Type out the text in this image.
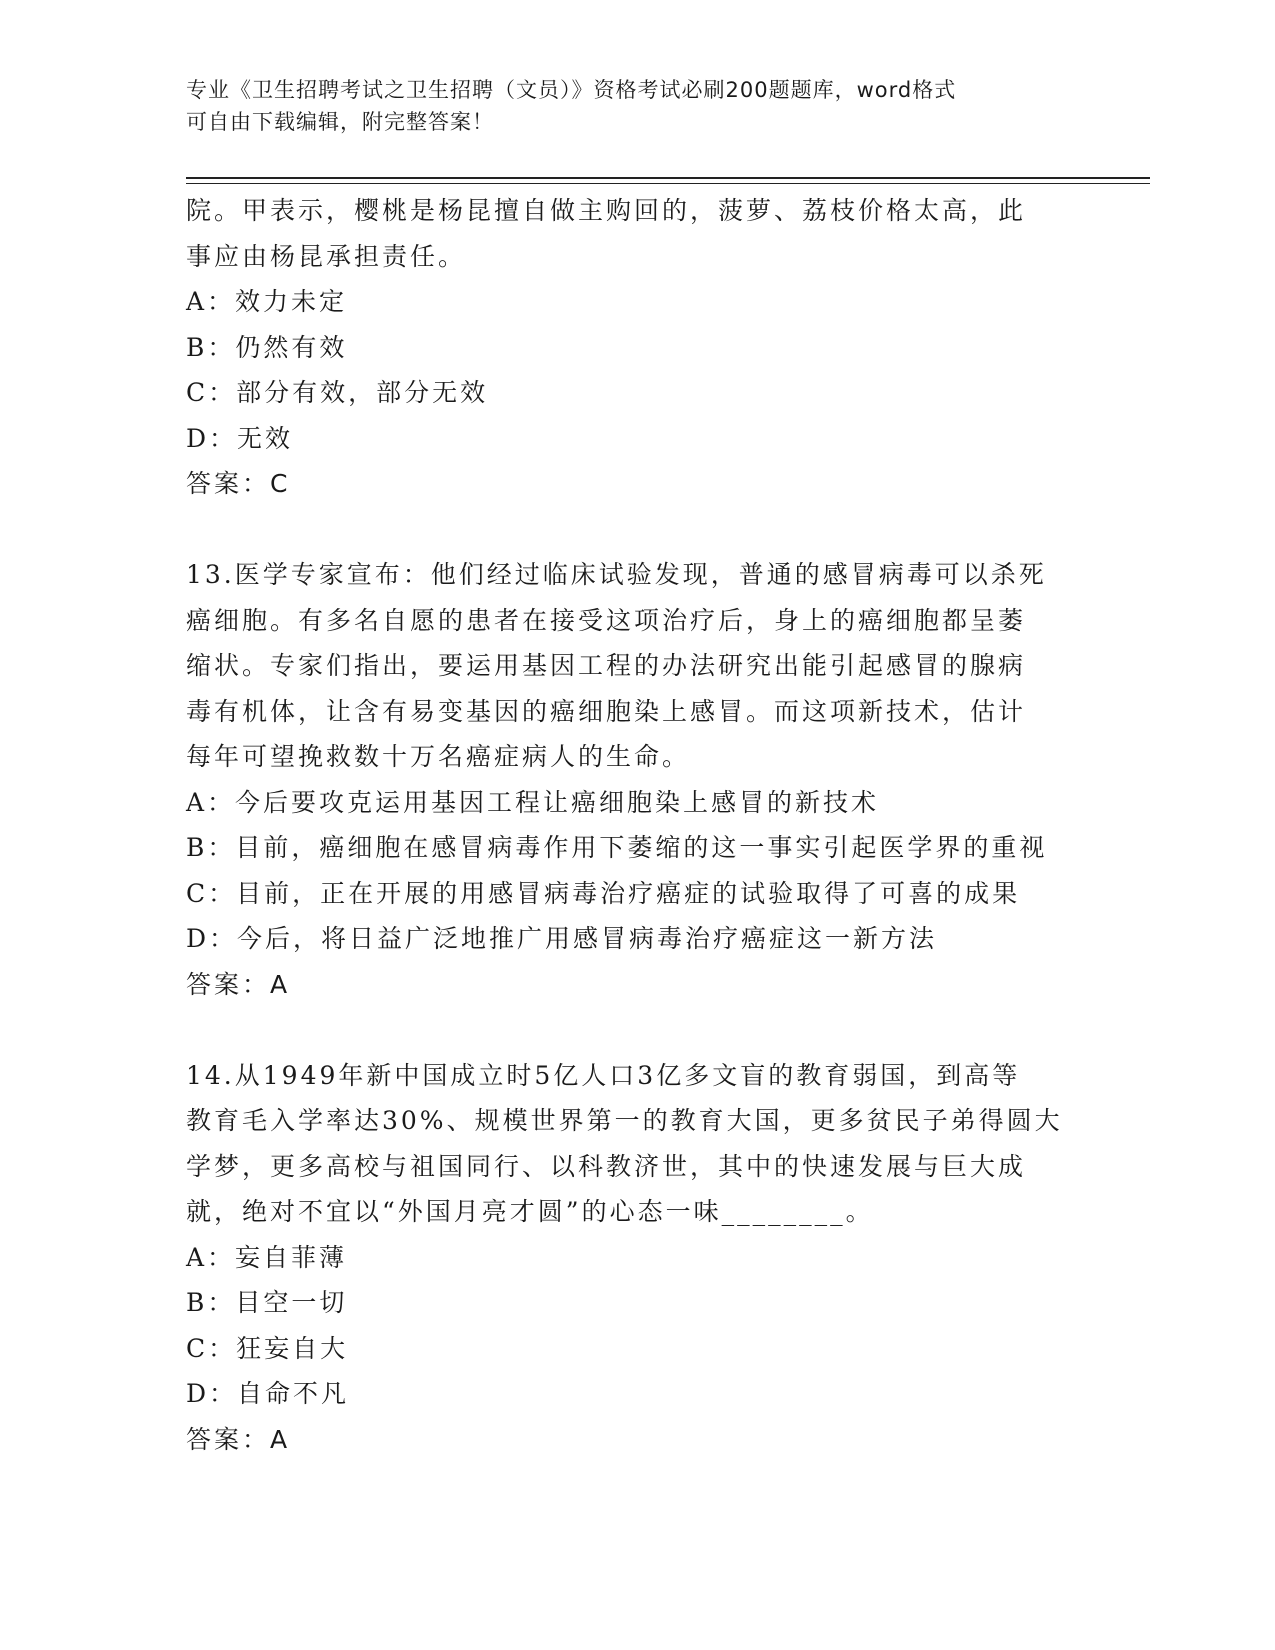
专业《卫生招聘考试之卫生招聘（文员）》资格考试必刷200题题库，word格式
可自由下载编辑，附完整答案！
院。甲表示，樱桃是杨昆擅自做主购回的，菠萝、荔枝价格太高，此
事应由杨昆承担责任。
A：效力未定
B：仍然有效
C：部分有效，部分无效
D：无效
答案：C
13.医学专家宣布：他们经过临床试验发现，普通的感冒病毒可以杀死
癌细胞。有多名自愿的患者在接受这项治疗后，身上的癌细胞都呈萎
缩状。专家们指出，要运用基因工程的办法研究出能引起感冒的腺病
毒有机体，让含有易变基因的癌细胞染上感冒。而这项新技术，估计
每年可望挽救数十万名癌症病人的生命。
A：今后要攻克运用基因工程让癌细胞染上感冒的新技术
B：目前，癌细胞在感冒病毒作用下萎缩的这一事实引起医学界的重视
C：目前，正在开展的用感冒病毒治疗癌症的试验取得了可喜的成果
D：今后，将日益广泛地推广用感冒病毒治疗癌症这一新方法
答案：A
14.从1949年新中国成立时5亿人口3亿多文盲的教育弱国，到高等
教育毛入学率达30%、规模世界第一的教育大国，更多贫民子弟得圆大
学梦，更多高校与祖国同行、以科教济世，其中的快速发展与巨大成
就，绝对不宜以“外国月亮才圆”的心态一味________。
A：妄自菲薄
B：目空一切
C：狂妄自大
D：自命不凡
答案：A
